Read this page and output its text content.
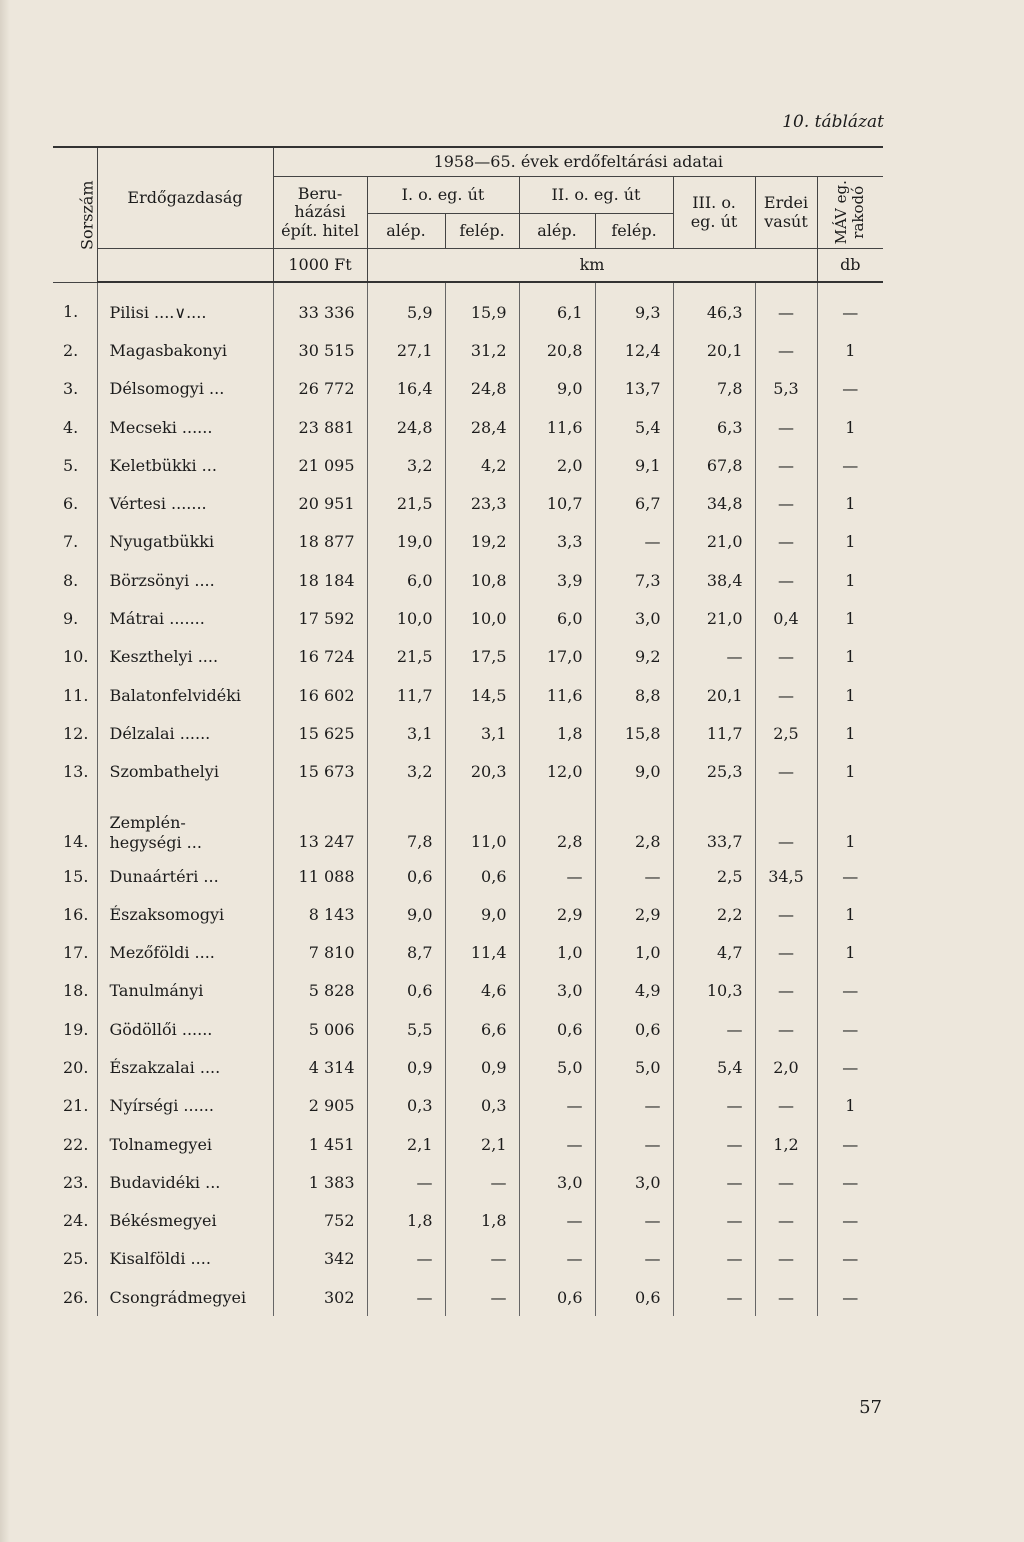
10. táblázat
Sorszám	Erdőgazdaság	1958—65. évek erdőfeltárási adatai							
		Beru-
házási
épít. hitel	I. o. eg. út		II. o. eg. út		III. o.
eg. út	Erdei
vasút	MÁV eg.
rakodó
			alép.	felép.	alép.	felép.			
		1000 Ft	km						db
1.	Pilisi ....∨....	33 336	5,9	15,9	6,1	9,3	46,3	—	—
2.	Magasbakonyi	30 515	27,1	31,2	20,8	12,4	20,1	—	1
3.	Délsomogyi ...	26 772	16,4	24,8	9,0	13,7	7,8	5,3	—
4.	Mecseki ......	23 881	24,8	28,4	11,6	5,4	6,3	—	1
5.	Keletbükki ...	21 095	3,2	4,2	2,0	9,1	67,8	—	—
6.	Vértesi .......	20 951	21,5	23,3	10,7	6,7	34,8	—	1
7.	Nyugatbükki	18 877	19,0	19,2	3,3	—	21,0	—	1
8.	Börzsönyi ....	18 184	6,0	10,8	3,9	7,3	38,4	—	1
9.	Mátrai .......	17 592	10,0	10,0	6,0	3,0	21,0	0,4	1
10.	Keszthelyi ....	16 724	21,5	17,5	17,0	9,2	—	—	1
11.	Balatonfelvidéki	16 602	11,7	14,5	11,6	8,8	20,1	—	1
12.	Délzalai ......	15 625	3,1	3,1	1,8	15,8	11,7	2,5	1
13.	Szombathelyi	15 673	3,2	20,3	12,0	9,0	25,3	—	1
14.	Zemplén-
hegységi ...	13 247	7,8	11,0	2,8	2,8	33,7	—	1
15.	Dunaártéri ...	11 088	0,6	0,6	—	—	2,5	34,5	—
16.	Északsomogyi	8 143	9,0	9,0	2,9	2,9	2,2	—	1
17.	Mezőföldi ....	7 810	8,7	11,4	1,0	1,0	4,7	—	1
18.	Tanulmányi	5 828	0,6	4,6	3,0	4,9	10,3	—	—
19.	Gödöllői ......	5 006	5,5	6,6	0,6	0,6	—	—	—
20.	Északzalai ....	4 314	0,9	0,9	5,0	5,0	5,4	2,0	—
21.	Nyírségi ......	2 905	0,3	0,3	—	—	—	—	1
22.	Tolnamegyei	1 451	2,1	2,1	—	—	—	1,2	—
23.	Budavidéki ...	1 383	—	—	3,0	3,0	—	—	—
24.	Békésmegyei	752	1,8	1,8	—	—	—	—	—
25.	Kisalföldi ....	342	—	—	—	—	—	—	—
26.	Csongrádmegyei	302	—	—	0,6	0,6	—	—	—
57
